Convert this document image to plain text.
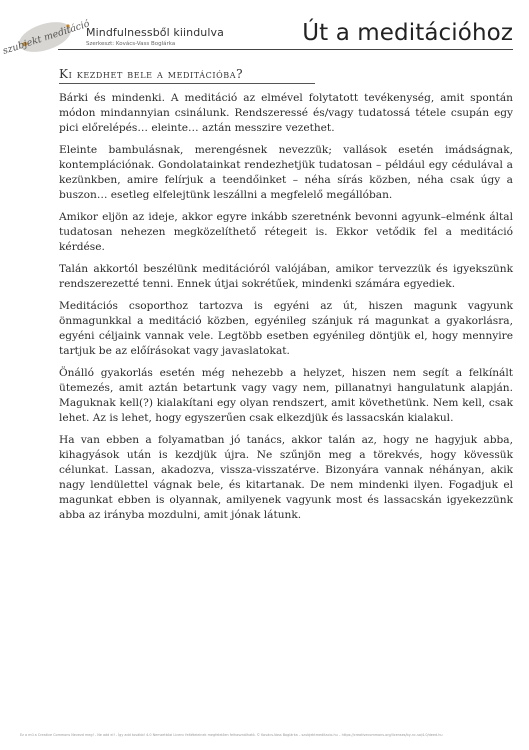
szubjekt meditáció
Mindfulnessből kiindulva
Szerkeszt: Kovács-Vass Boglárka	Út a meditációhoz
Ki kezdhet bele a meditációba?

Bárki és mindenki. A meditáció az elmével folytatott tevékenység, amit spontán módon mindannyian csinálunk. Rendszeressé és/vagy tudatossá tétele csupán egy pici előrelépés… eleinte… aztán messzire vezethet.

Eleinte bambulásnak, merengésnek nevezzük; vallások esetén imádságnak, kontemplációnak. Gondolatainkat rendezhetjük tudatosan – például egy cédulával a kezünkben, amire felírjuk a teendőinket – néha sírás közben, néha csak úgy a buszon… esetleg elfelejtünk leszállni a megfelelő megállóban.

Amikor eljön az ideje, akkor egyre inkább szeretnénk bevonni agyunk–elménk által tudatosan nehezen megközelíthető rétegeit is. Ekkor vetődik fel a meditáció kérdése.

Talán akkortól beszélünk meditációról valójában, amikor tervezzük és igyekszünk rendszerezetté tenni. Ennek útjai sokrétűek, mindenki számára egyediek.

Meditációs csoporthoz tartozva is egyéni az út, hiszen magunk vagyunk önmagunkkal a meditáció közben, egyénileg szánjuk rá magunkat a gyakorlásra, egyéni céljaink vannak vele. Legtöbb esetben egyénileg döntjük el, hogy mennyire tartjuk be az előírásokat vagy javaslatokat.

Önálló gyakorlás esetén még nehezebb a helyzet, hiszen nem segít a felkínált ütemezés, amit aztán betartunk vagy vagy nem, pillanatnyi hangulatunk alapján. Maguknak kell(?) kialakítani egy olyan rendszert, amit követhetünk. Nem kell, csak lehet. Az is lehet, hogy egyszerűen csak elkezdjük és lassacskán kialakul.

Ha van ebben a folyamatban jó tanács, akkor talán az, hogy ne hagyjuk abba, kihagyások után is kezdjük újra. Ne szűnjön meg a törekvés, hogy kövessük célunkat. Lassan, akadozva, vissza-visszatérve. Bizonyára vannak néhányan, akik nagy lendülettel vágnak bele, és kitartanak. De nem mindenki ilyen. Fogadjuk el magunkat ebben is olyannak, amilyenek vagyunk most és lassacskán igyekezzünk abba az irányba mozdulni, amit jónak látunk.

Ez a mű a Creative Commons Nevezd meg! - Ne add el! - Így add tovább! 4.0 Nemzetközi Licenc feltételeinek megfelelően felhasználható. © Kovács-Vass Boglárka – szubjektmeditacio.hu – https://creativecommons.org/licenses/by-nc-sa/4.0/deed.hu
